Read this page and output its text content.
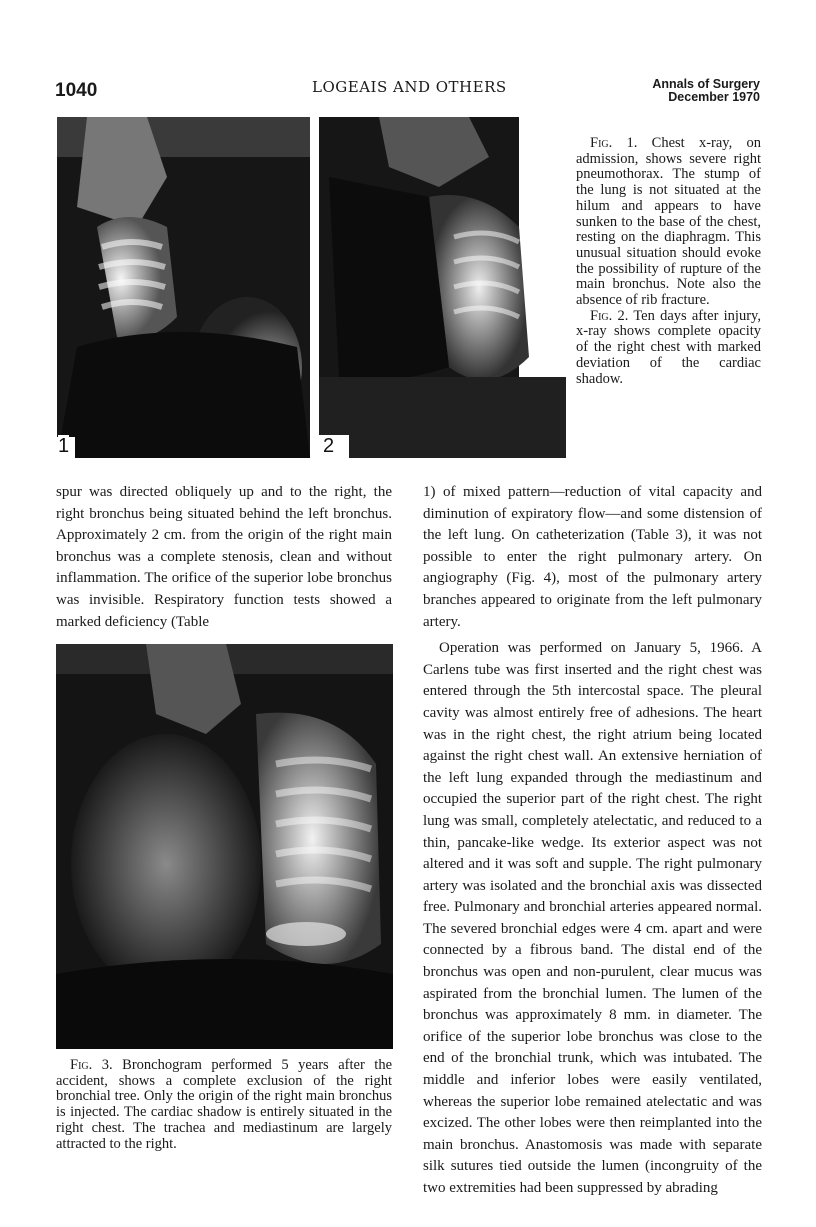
1040	LOGEAIS AND OTHERS	Annals of Surgery
December 1970
1	2

Fig. 1. Chest x-ray, on admission, shows severe right pneumothorax. The stump of the lung is not situated at the hilum and appears to have sunken to the base of the chest, resting on the diaphragm. This unusual situation should evoke the possibility of rupture of the main bronchus. Note also the absence of rib fracture.

Fig. 2. Ten days after injury, x-ray shows complete opacity of the right chest with marked deviation of the cardiac shadow.

spur was directed obliquely up and to the right, the right bronchus being situated behind the left bronchus. Approximately 2 cm. from the origin of the right main bronchus was a complete stenosis, clean and without inflammation. The orifice of the superior lobe bronchus was invisible. Respiratory function tests showed a marked deficiency (Table

Fig. 3. Bronchogram performed 5 years after the accident, shows a complete exclusion of the right bronchial tree. Only the origin of the right main bronchus is injected. The cardiac shadow is entirely situated in the right chest. The trachea and mediastinum are largely attracted to the right.

1) of mixed pattern—reduction of vital capacity and diminution of expiratory flow—and some distension of the left lung. On catheterization (Table 3), it was not possible to enter the right pulmonary artery. On angiography (Fig. 4), most of the pulmonary artery branches appeared to originate from the left pulmonary artery.

Operation was performed on January 5, 1966. A Carlens tube was first inserted and the right chest was entered through the 5th intercostal space. The pleural cavity was almost entirely free of adhesions. The heart was in the right chest, the right atrium being located against the right chest wall. An extensive herniation of the left lung expanded through the mediastinum and occupied the superior part of the right chest. The right lung was small, completely atelectatic, and reduced to a thin, pancake-like wedge. Its exterior aspect was not altered and it was soft and supple. The right pulmonary artery was isolated and the bronchial axis was dissected free. Pulmonary and bronchial arteries appeared normal. The severed bronchial edges were 4 cm. apart and were connected by a fibrous band. The distal end of the bronchus was open and non-purulent, clear mucus was aspirated from the bronchial lumen. The lumen of the bronchus was approximately 8 mm. in diameter. The orifice of the superior lobe bronchus was close to the end of the bronchial trunk, which was intubated. The middle and inferior lobes were easily ventilated, whereas the superior lobe remained atelectatic and was excized. The other lobes were then reimplanted into the main bronchus. Anastomosis was made with separate silk sutures tied outside the lumen (incongruity of the two extremities had been suppressed by abrading
